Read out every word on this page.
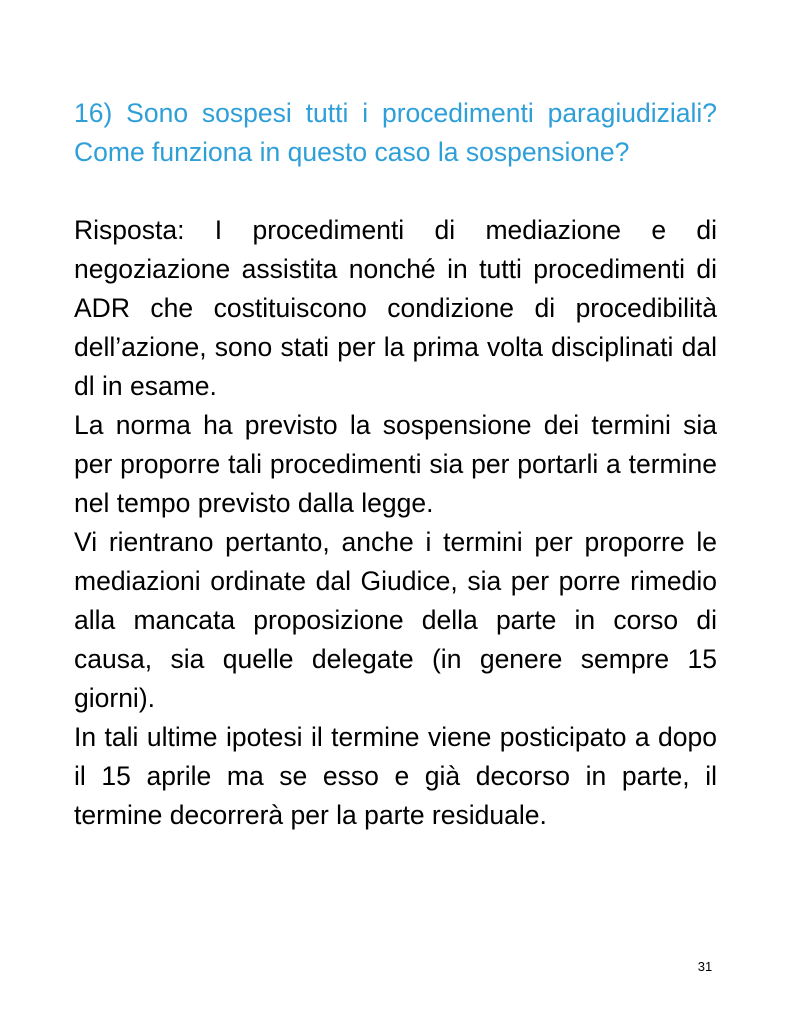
16) Sono sospesi tutti i procedimenti paragiudiziali? Come funziona in questo caso la sospensione?

Risposta: I procedimenti di mediazione e di negoziazione assistita nonché in tutti procedimenti di ADR che costituiscono condizione di procedibilità dell’azione, sono stati per la prima volta disciplinati dal dl in esame.

La norma ha previsto la sospensione dei termini sia per proporre tali procedimenti sia per portarli a termine nel tempo previsto dalla legge.

Vi rientrano pertanto, anche i termini per proporre le mediazioni ordinate dal Giudice, sia per porre rimedio alla mancata proposizione della parte in corso di causa, sia quelle delegate (in genere sempre 15 giorni).

In tali ultime ipotesi il termine viene posticipato a dopo il 15 aprile ma se esso e già decorso in parte, il termine decorrerà per la parte residuale.

31
